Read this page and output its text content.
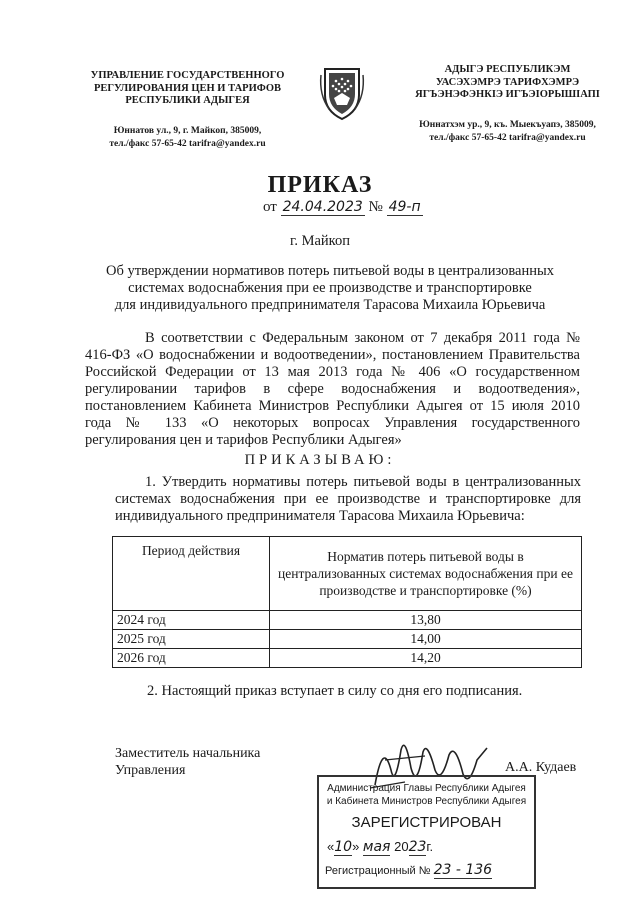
УПРАВЛЕНИЕ ГОСУДАРСТВЕННОГО
РЕГУЛИРОВАНИЯ ЦЕН И ТАРИФОВ
РЕСПУБЛИКИ АДЫГЕЯ
Юннатов ул., 9, г. Майкоп, 385009,
тел./факс 57-65-42 tarifra@yandex.ru
АДЫГЭ РЕСПУБЛИКЭМ
УАСЭХЭМРЭ ТАРИФХЭМРЭ
ЯГЪЭНЭФЭНКIЭ ИГЪЭIОРЫШIАПI
Юннатхэм ур., 9, къ. Мыекъуапэ, 385009,
тел./факс 57-65-42 tarifra@yandex.ru
ПРИКАЗ
от 24.04.2023 № 49-п
г. Майкоп
Об утверждении нормативов потерь питьевой воды в централизованных
системах водоснабжения при ее производстве и транспортировке
для индивидуального предпринимателя Тарасова Михаила Юрьевича

В соответствии с Федеральным законом от 7 декабря 2011 года № 416-ФЗ «О водоснабжении и водоотведении», постановлением Правительства Российской Федерации от 13 мая 2013 года № 406 «О государственном регулировании тарифов в сфере водоснабжения и водоотведения», постановлением Кабинета Министров Республики Адыгея от 15 июля 2010 года № 133 «О некоторых вопросах Управления государственного регулирования цен и тарифов Республики Адыгея»

ПРИКАЗЫВАЮ:
1. Утвердить нормативы потерь питьевой воды в централизованных системах водоснабжения при ее производстве и транспортировке для индивидуального предпринимателя Тарасова Михаила Юрьевича:
Период действия	Норматив потерь питьевой воды в централизованных системах водоснабжения при ее производстве и транспортировке (%)
2024 год	13,80
2025 год	14,00
2026 год	14,20
2. Настоящий приказ вступает в силу со дня его подписания.
Заместитель начальника
Управления	А.А. Кудаев
Администрация Главы Республики Адыгея
и Кабинета Министров Республики Адыгея
ЗАРЕГИСТРИРОВАН
«10» мая 2023г.
Регистрационный № 23 - 136
